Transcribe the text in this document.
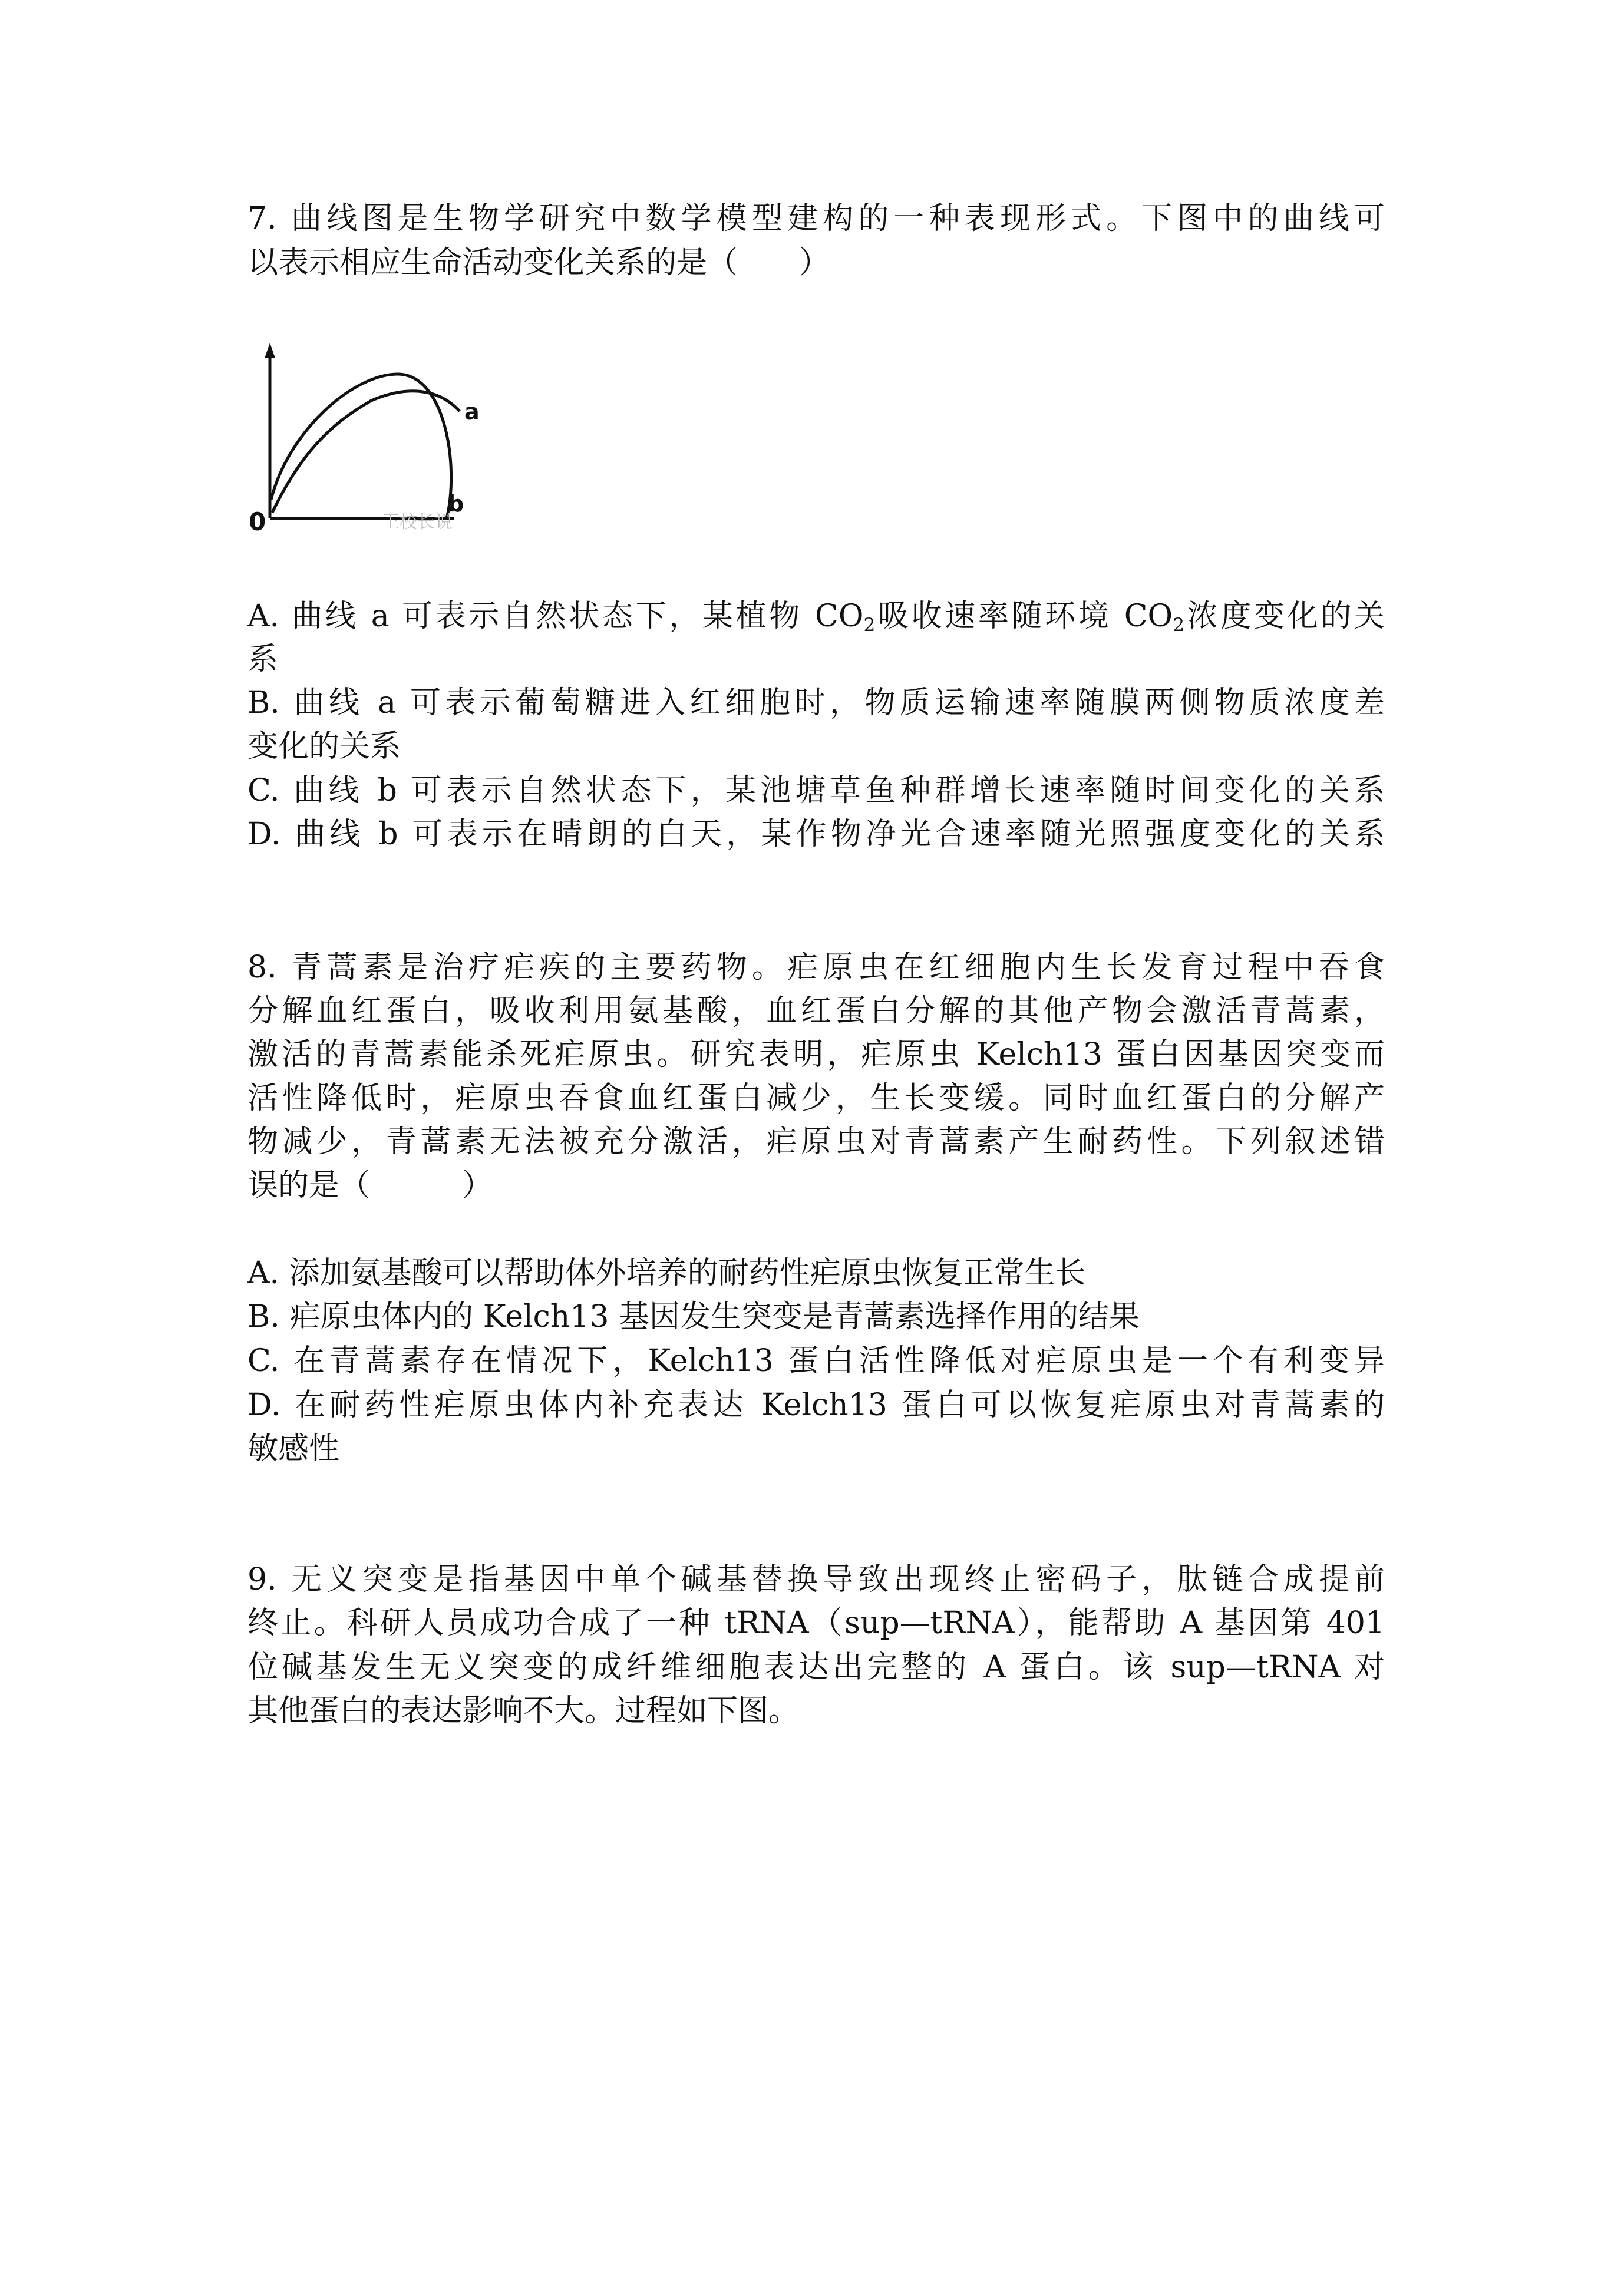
7. 曲线图是生物学研究中数学模型建构的一种表现形式。下图中的曲线可
以表示相应生命活动变化关系的是（　　）
0
a
b
王校长说
A. 曲线 a 可表示自然状态下，某植物 $CO_2$吸收速率随环境 $CO_2$浓度变化的关
系
B. 曲线 a 可表示葡萄糖进入红细胞时，物质运输速率随膜两侧物质浓度差
变化的关系
C. 曲线 b 可表示自然状态下，某池塘草鱼种群增长速率随时间变化的关系
D. 曲线 b 可表示在晴朗的白天，某作物净光合速率随光照强度变化的关系
8. 青蒿素是治疗疟疾的主要药物。疟原虫在红细胞内生长发育过程中吞食
分解血红蛋白，吸收利用氨基酸，血红蛋白分解的其他产物会激活青蒿素，
激活的青蒿素能杀死疟原虫。研究表明，疟原虫 Kelch13 蛋白因基因突变而
活性降低时，疟原虫吞食血红蛋白减少，生长变缓。同时血红蛋白的分解产
物减少，青蒿素无法被充分激活，疟原虫对青蒿素产生耐药性。下列叙述错
误的是（　　　）
A. 添加氨基酸可以帮助体外培养的耐药性疟原虫恢复正常生长
B. 疟原虫体内的 Kelch13 基因发生突变是青蒿素选择作用的结果
C. 在青蒿素存在情况下，Kelch13 蛋白活性降低对疟原虫是一个有利变异
D. 在耐药性疟原虫体内补充表达 Kelch13 蛋白可以恢复疟原虫对青蒿素的
敏感性
9. 无义突变是指基因中单个碱基替换导致出现终止密码子，肽链合成提前
终止。科研人员成功合成了一种 tRNA（sup—tRNA），能帮助 A 基因第 401
位碱基发生无义突变的成纤维细胞表达出完整的 A 蛋白。该 sup—tRNA 对
其他蛋白的表达影响不大。过程如下图。
